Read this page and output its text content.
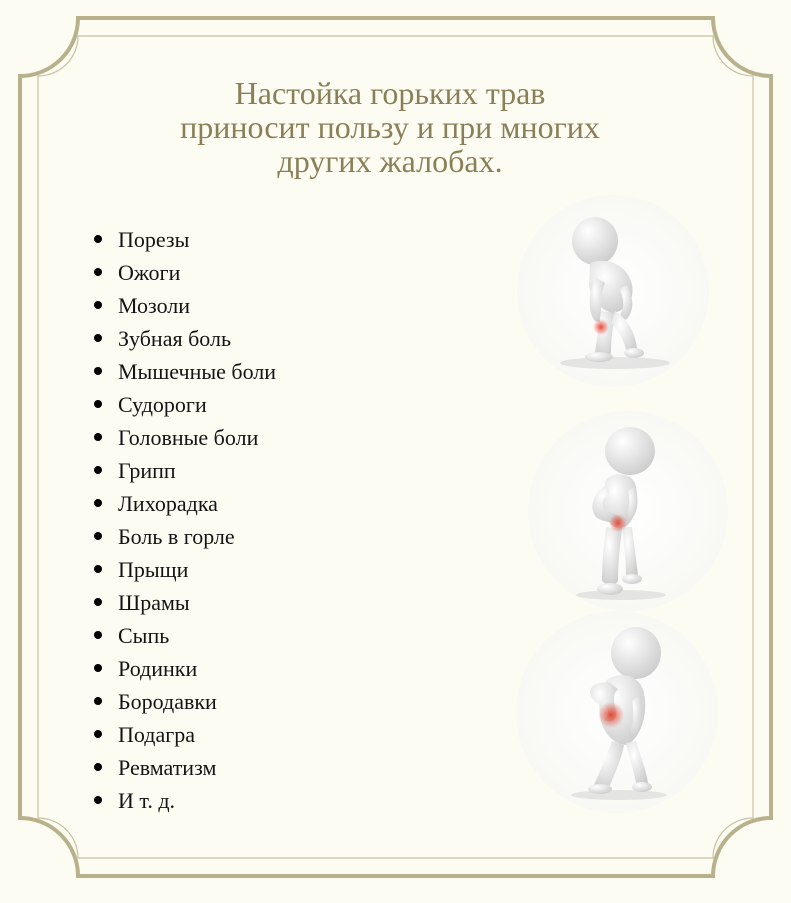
Настойка горьких трав
приносит пользу и при многих
других жалобах.
Порезы
Ожоги
Мозоли
Зубная боль
Мышечные боли
Судороги
Головные боли
Грипп
Лихорадка
Боль в горле
Прыщи
Шрамы
Сыпь
Родинки
Бородавки
Подагра
Ревматизм
И т. д.
